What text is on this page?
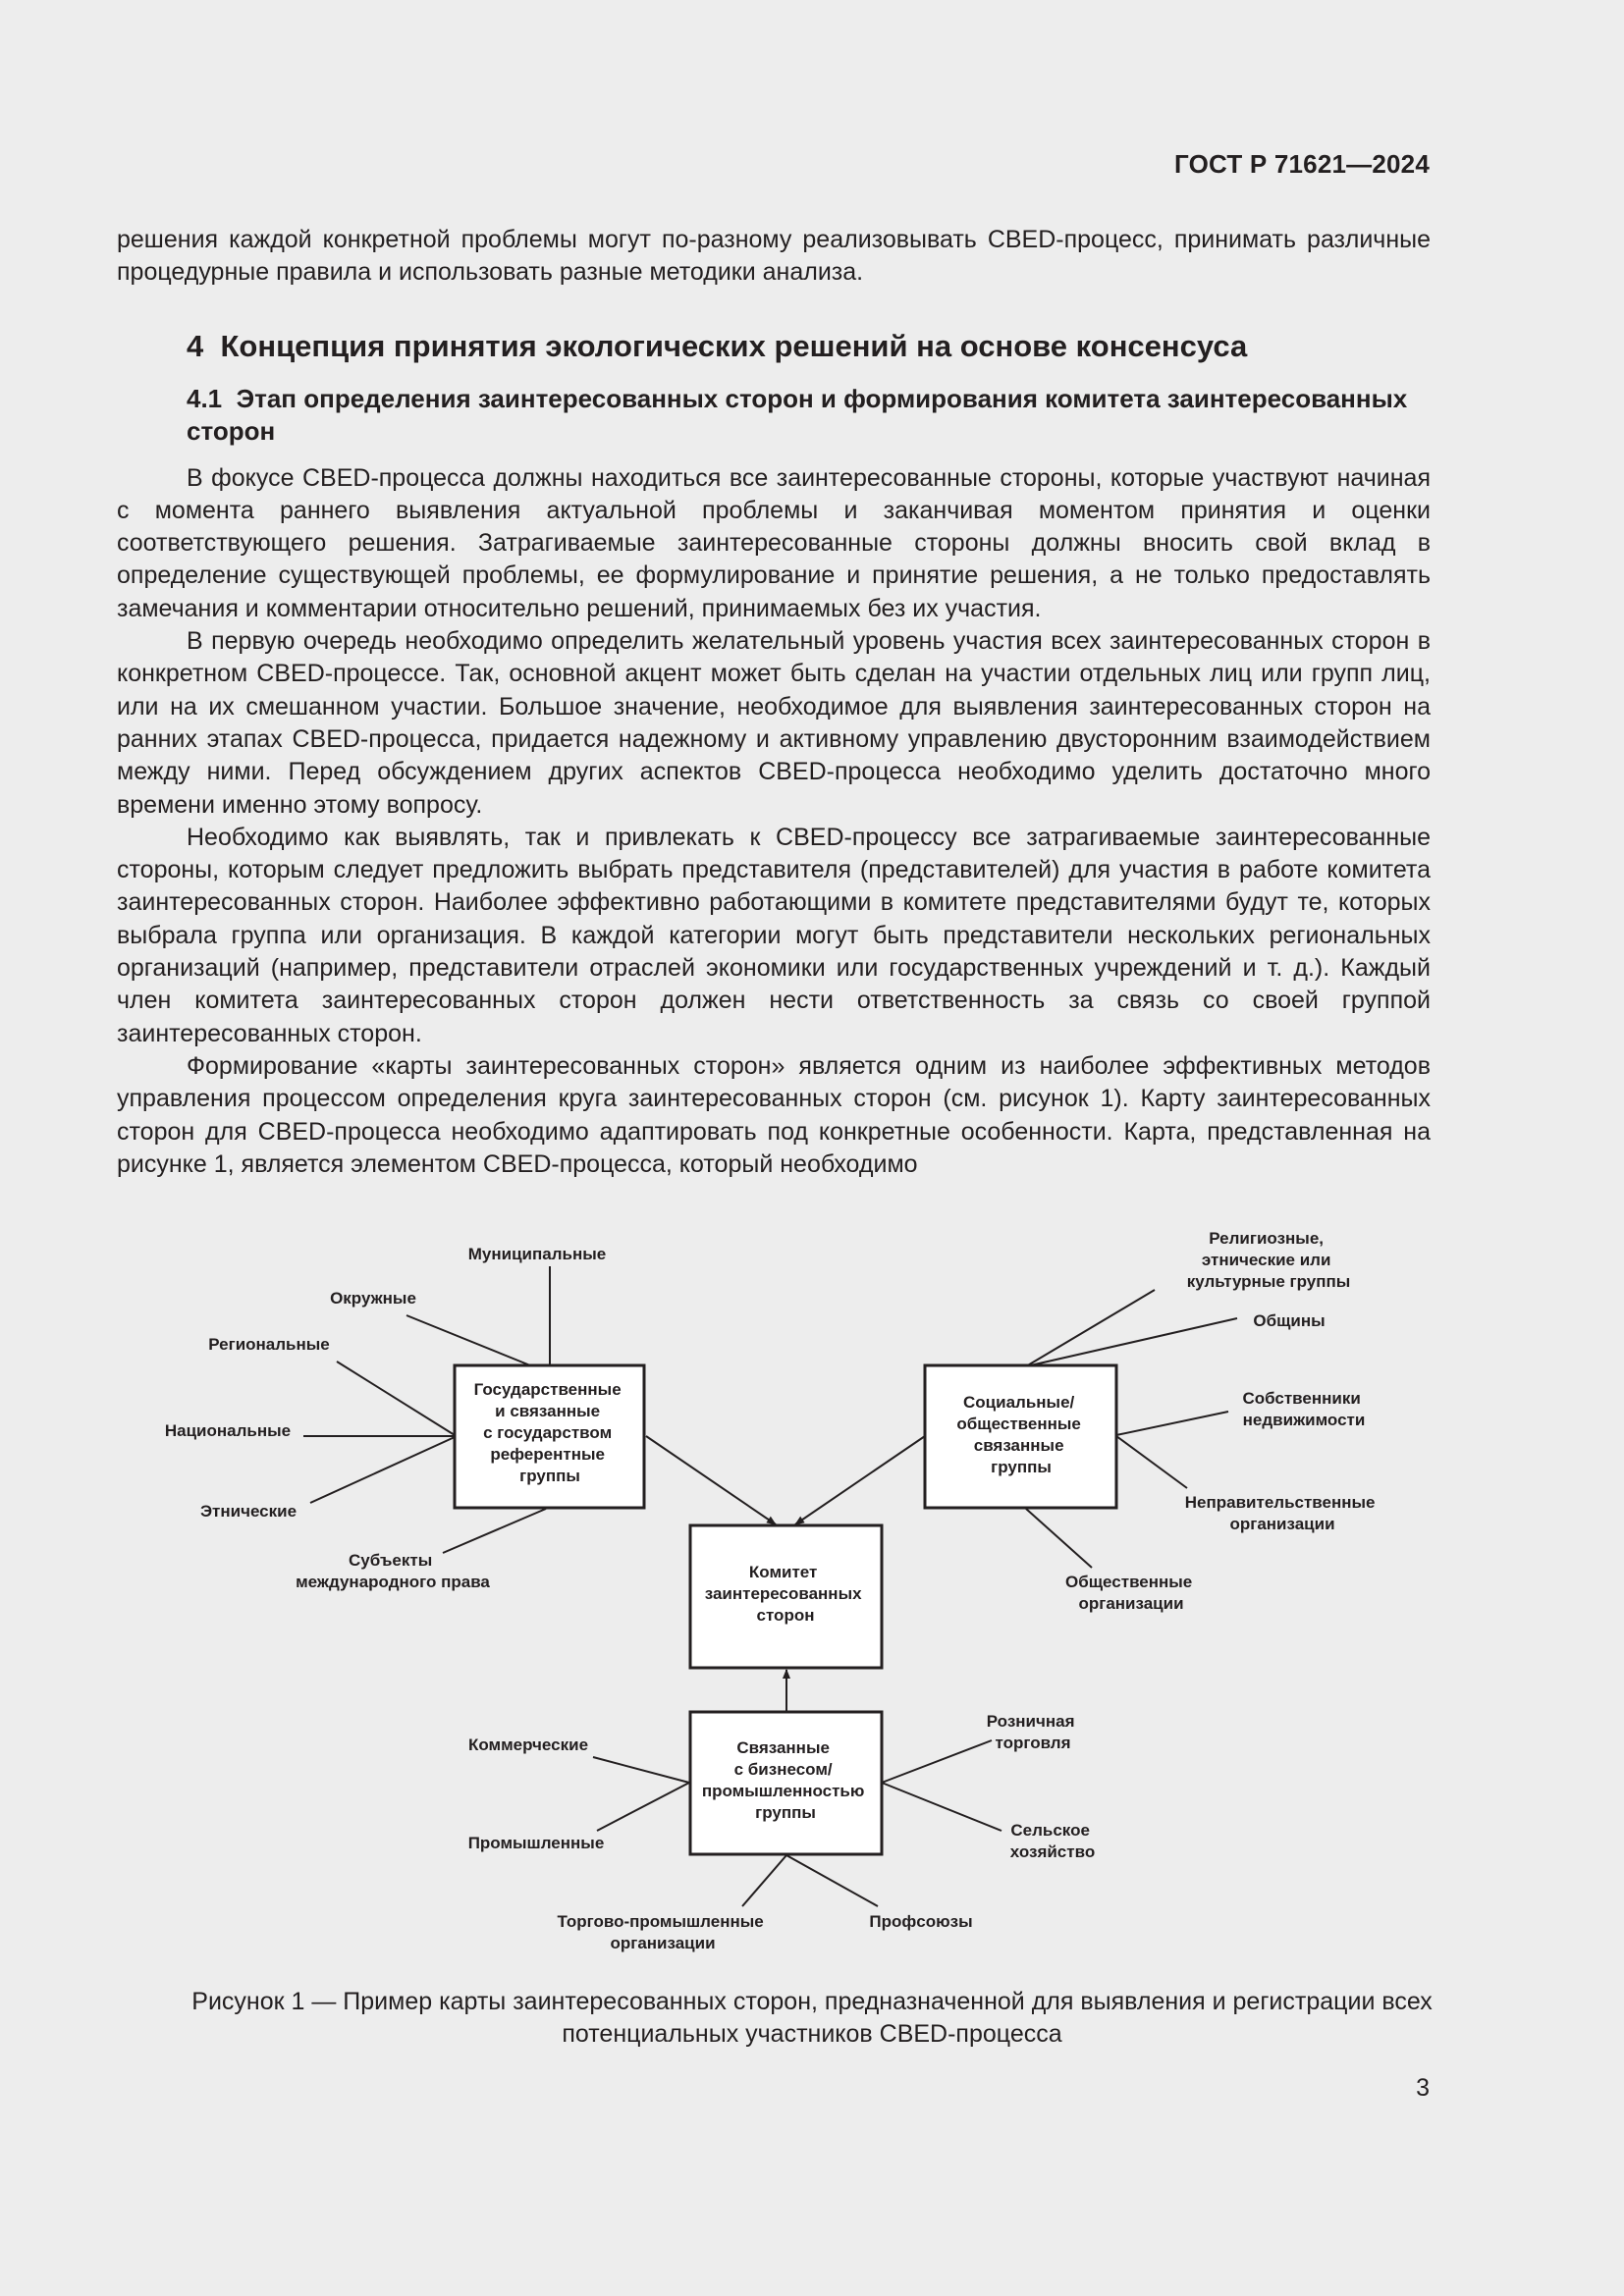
ГОСТ Р 71621—2024

решения каждой конкретной проблемы могут по-разному реализовывать CBED-процесс, принимать различные процедурные правила и использовать разные методики анализа.

4 Концепция принятия экологических решений на основе консенсуса
4.1 Этап определения заинтересованных сторон и формирования комитета заинтересованных сторон

В фокусе CBED-процесса должны находиться все заинтересованные стороны, которые участвуют начиная с момента раннего выявления актуальной проблемы и заканчивая моментом принятия и оценки соответствующего решения. Затрагиваемые заинтересованные стороны должны вносить свой вклад в определение существующей проблемы, ее формулирование и принятие решения, а не только предоставлять замечания и комментарии относительно решений, принимаемых без их участия.

В первую очередь необходимо определить желательный уровень участия всех заинтересованных сторон в конкретном CBED-процессе. Так, основной акцент может быть сделан на участии отдельных лиц или групп лиц, или на их смешанном участии. Большое значение, необходимое для выявления заинтересованных сторон на ранних этапах CBED-процесса, придается надежному и активному управлению двусторонним взаимодействием между ними. Перед обсуждением других аспектов CBED-процесса необходимо уделить достаточно много времени именно этому вопросу.

Необходимо как выявлять, так и привлекать к CBED-процессу все затрагиваемые заинтересованные стороны, которым следует предложить выбрать представителя (представителей) для участия в работе комитета заинтересованных сторон. Наиболее эффективно работающими в комитете представителями будут те, которых выбрала группа или организация. В каждой категории могут быть представители нескольких региональных организаций (например, представители отраслей экономики или государственных учреждений и т. д.). Каждый член комитета заинтересованных сторон должен нести ответственность за связь со своей группой заинтересованных сторон.

Формирование «карты заинтересованных сторон» является одним из наиболее эффективных методов управления процессом определения круга заинтересованных сторон (см. рисунок 1). Карту заинтересованных сторон для CBED-процесса необходимо адаптировать под конкретные особенности. Карта, представленная на рисунке 1, является элементом CBED-процесса, который необходимо

Государственные и связанные с государством референтные группы
Социальные/ общественные связанные группы
Комитет заинтересованных сторон
Связанные с бизнесом/ промышленностью группы
Муниципальные
Окружные
Региональные
Национальные
Этнические
Субъекты международного права
Религиозные, этнические или культурные группы
Общины
Собственники недвижимости
Неправительственные организации
Общественные организации
Коммерческие
Промышленные
Торгово-промышленные организации
Профсоюзы
Розничная торговля
Сельское хозяйство
Рисунок 1 — Пример карты заинтересованных сторон, предназначенной для выявления и регистрации всех
потенциальных участников CBED-процесса
3
